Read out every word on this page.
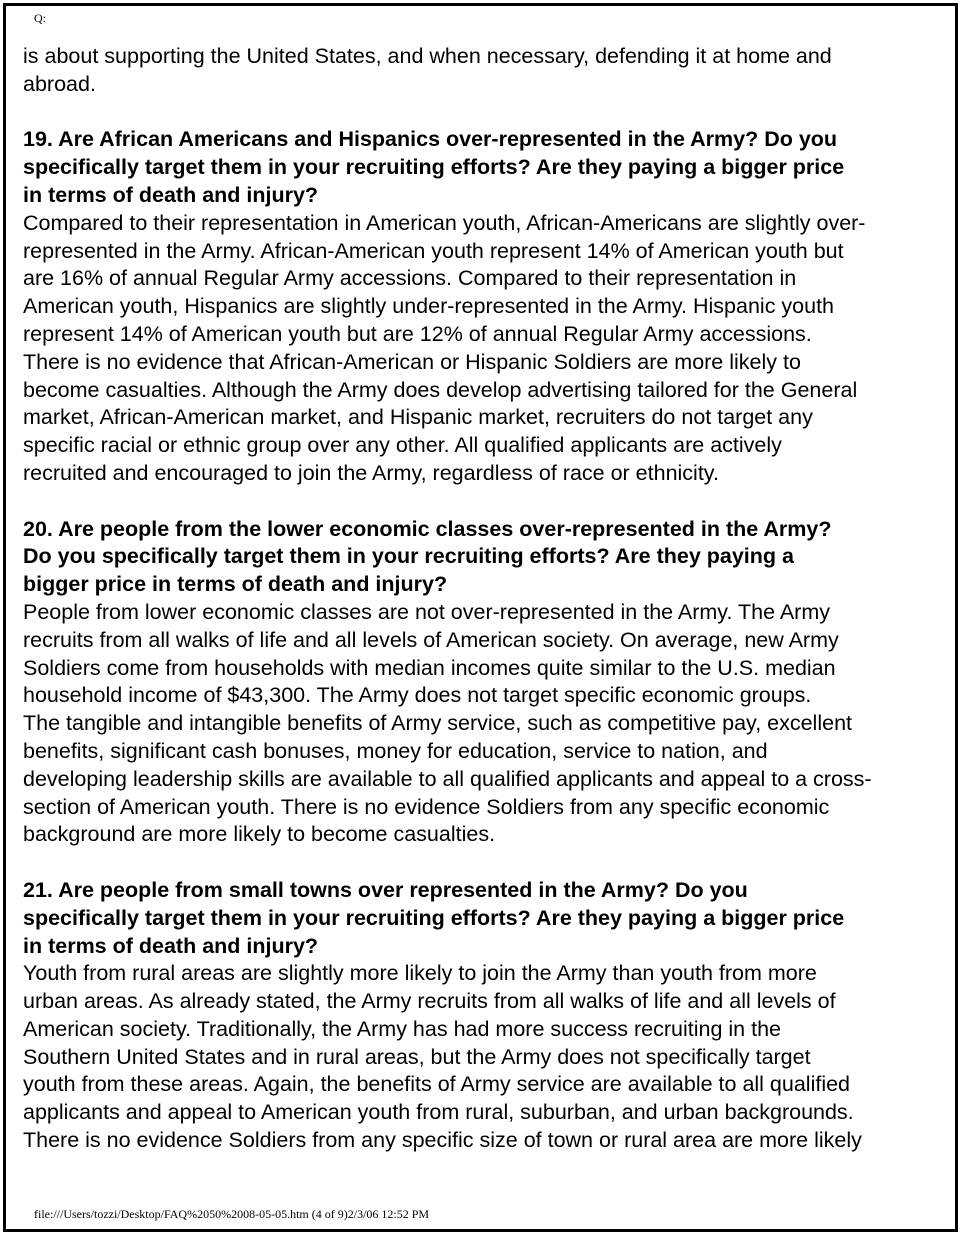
Q:

is about supporting the United States, and when necessary, defending it at home and
abroad.

19. Are African Americans and Hispanics over-represented in the Army? Do you
specifically target them in your recruiting efforts? Are they paying a bigger price
in terms of death and injury?

Compared to their representation in American youth, African-Americans are slightly over-
represented in the Army. African-American youth represent 14% of American youth but
are 16% of annual Regular Army accessions. Compared to their representation in
American youth, Hispanics are slightly under-represented in the Army. Hispanic youth
represent 14% of American youth but are 12% of annual Regular Army accessions.
There is no evidence that African-American or Hispanic Soldiers are more likely to
become casualties. Although the Army does develop advertising tailored for the General
market, African-American market, and Hispanic market, recruiters do not target any
specific racial or ethnic group over any other. All qualified applicants are actively
recruited and encouraged to join the Army, regardless of race or ethnicity.

20. Are people from the lower economic classes over-represented in the Army?
Do you specifically target them in your recruiting efforts? Are they paying a
bigger price in terms of death and injury?

People from lower economic classes are not over-represented in the Army. The Army
recruits from all walks of life and all levels of American society. On average, new Army
Soldiers come from households with median incomes quite similar to the U.S. median
household income of $43,300. The Army does not target specific economic groups.
The tangible and intangible benefits of Army service, such as competitive pay, excellent
benefits, significant cash bonuses, money for education, service to nation, and
developing leadership skills are available to all qualified applicants and appeal to a cross-
section of American youth. There is no evidence Soldiers from any specific economic
background are more likely to become casualties.

21. Are people from small towns over represented in the Army? Do you
specifically target them in your recruiting efforts? Are they paying a bigger price
in terms of death and injury?

Youth from rural areas are slightly more likely to join the Army than youth from more
urban areas. As already stated, the Army recruits from all walks of life and all levels of
American society. Traditionally, the Army has had more success recruiting in the
Southern United States and in rural areas, but the Army does not specifically target
youth from these areas. Again, the benefits of Army service are available to all qualified
applicants and appeal to American youth from rural, suburban, and urban backgrounds.
There is no evidence Soldiers from any specific size of town or rural area are more likely

file:///Users/tozzi/Desktop/FAQ%2050%2008-05-05.htm (4 of 9)2/3/06 12:52 PM
